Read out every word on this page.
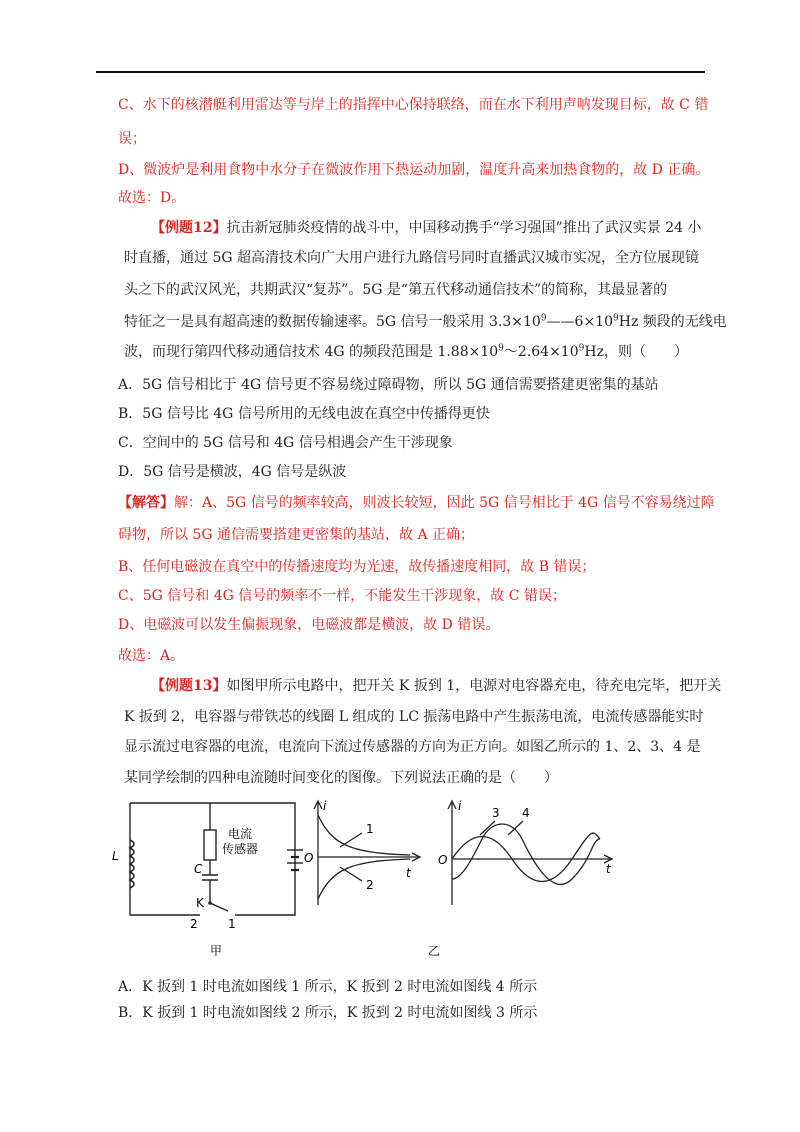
C、水下的核潜艇利用雷达等与岸上的指挥中心保持联络，而在水下利用声呐发现目标，故 C 错
误；
D、微波炉是利用食物中水分子在微波作用下热运动加剧，温度升高来加热食物的，故 D 正确。
故选：D。
【例题12】抗击新冠肺炎疫情的战斗中，中国移动携手“学习强国”推出了武汉实景 24 小
时直播，通过 5G 超高清技术向广大用户进行九路信号同时直播武汉城市实况，全方位展现镜
头之下的武汉风光，共期武汉“复苏”。5G 是“第五代移动通信技术”的简称，其最显著的
特征之一是具有超高速的数据传输速率。5G 信号一般采用 $3.3\times 10^9——6\times 10^9Hz$ 频段的无线电
波，而现行第四代移动通信技术 4G 的频段范围是 $1.88\times 10^9\sim 2.64\times 10^9Hz$，则（　　）
A．5G 信号相比于 4G 信号更不容易绕过障碍物，所以 5G 通信需要搭建更密集的基站
B．5G 信号比 4G 信号所用的无线电波在真空中传播得更快
C．空间中的 5G 信号和 4G 信号相遇会产生干涉现象
D．5G 信号是横波，4G 信号是纵波
【解答】解：A、5G 信号的频率较高，则波长较短，因此 5G 信号相比于 4G 信号不容易绕过障
碍物，所以 5G 通信需要搭建更密集的基站，故 A 正确；
B、任何电磁波在真空中的传播速度均为光速，故传播速度相同，故 B 错误；
C、5G 信号和 4G 信号的频率不一样，不能发生干涉现象，故 C 错误；
D、电磁波可以发生偏振现象，电磁波都是横波，故 D 错误。
故选：A。
【例题13】如图甲所示电路中，把开关 K 扳到 1，电源对电容器充电，待充电完毕，把开关
K 扳到 2，电容器与带铁芯的线圈 L 组成的 LC 振荡电路中产生振荡电流，电流传感器能实时
显示流过电容器的电流，电流向下流过传感器的方向为正方向。如图乙所示的 1、2、3、4 是
某同学绘制的四种电流随时间变化的图像。下列说法正确的是（　　）
电流
传感器
L
C
K
2	1
甲
i
O
t
1
2
i
O
t
3 4
乙
A．K 扳到 1 时电流如图线 1 所示，K 扳到 2 时电流如图线 4 所示
B．K 扳到 1 时电流如图线 2 所示，K 扳到 2 时电流如图线 3 所示
